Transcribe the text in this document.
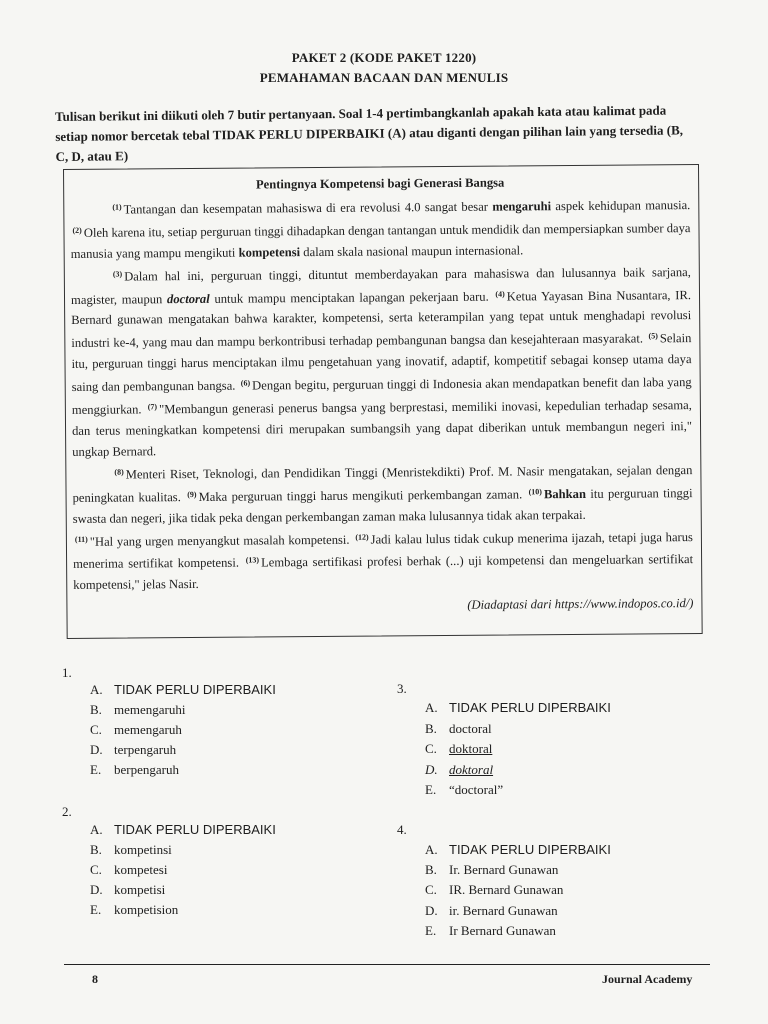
PAKET 2 (KODE PAKET 1220)
PEMAHAMAN BACAAN DAN MENULIS
Tulisan berikut ini diikuti oleh 7 butir pertanyaan. Soal 1-4 pertimbangkanlah apakah kata atau kalimat pada setiap nomor bercetak tebal TIDAK PERLU DIPERBAIKI (A) atau diganti dengan pilihan lain yang tersedia (B, C, D, atau E)
Pentingnya Kompetensi bagi Generasi Bangsa

$^{(1)}$ Tantangan dan kesempatan mahasiswa di era revolusi 4.0 sangat besar mengaruhi aspek kehidupan manusia. $^{(2)}$ Oleh karena itu, setiap perguruan tinggi dihadapkan dengan tantangan untuk mendidik dan mempersiapkan sumber daya manusia yang mampu mengikuti kompetensi dalam skala nasional maupun internasional.

$^{(3)}$ Dalam hal ini, perguruan tinggi, dituntut memberdayakan para mahasiswa dan lulusannya baik sarjana, magister, maupun doctoral untuk mampu menciptakan lapangan pekerjaan baru. $^{(4)}$ Ketua Yayasan Bina Nusantara, IR. Bernard gunawan mengatakan bahwa karakter, kompetensi, serta keterampilan yang tepat untuk menghadapi revolusi industri ke-4, yang mau dan mampu berkontribusi terhadap pembangunan bangsa dan kesejahteraan masyarakat. $^{(5)}$ Selain itu, perguruan tinggi harus menciptakan ilmu pengetahuan yang inovatif, adaptif, kompetitif sebagai konsep utama daya saing dan pembangunan bangsa. $^{(6)}$ Dengan begitu, perguruan tinggi di Indonesia akan mendapatkan benefit dan laba yang menggiurkan. $^{(7)}$ "Membangun generasi penerus bangsa yang berprestasi, memiliki inovasi, kepedulian terhadap sesama, dan terus meningkatkan kompetensi diri merupakan sumbangsih yang dapat diberikan untuk membangun negeri ini," ungkap Bernard.

$^{(8)}$ Menteri Riset, Teknologi, dan Pendidikan Tinggi (Menristekdikti) Prof. M. Nasir mengatakan, sejalan dengan peningkatan kualitas. $^{(9)}$ Maka perguruan tinggi harus mengikuti perkembangan zaman. $^{(10)}$ Bahkan itu perguruan tinggi swasta dan negeri, jika tidak peka dengan perkembangan zaman maka lulusannya tidak akan terpakai.

$^{(11)}$ "Hal yang urgen menyangkut masalah kompetensi. $^{(12)}$ Jadi kalau lulus tidak cukup menerima ijazah, tetapi juga harus menerima sertifikat kompetensi. $^{(13)}$ Lembaga sertifikasi profesi berhak (...) uji kompetensi dan mengeluarkan sertifikat kompetensi," jelas Nasir.

(Diadaptasi dari https://www.indopos.co.id/)
1.
A. TIDAK PERLU DIPERBAIKI
B. memengaruhi
C. memengaruh
D. terpengaruh
E. berpengaruh
2.
A. TIDAK PERLU DIPERBAIKI
B. kompetinsi
C. kompetesi
D. kompetisi
E. kompetision
3.
A. TIDAK PERLU DIPERBAIKI
B. doctoral
C. doktoral
D. doktoral
E. “doctoral”
4.
A. TIDAK PERLU DIPERBAIKI
B. Ir. Bernard Gunawan
C. IR. Bernard Gunawan
D. ir. Bernard Gunawan
E. Ir Bernard Gunawan
8	Journal Academy
